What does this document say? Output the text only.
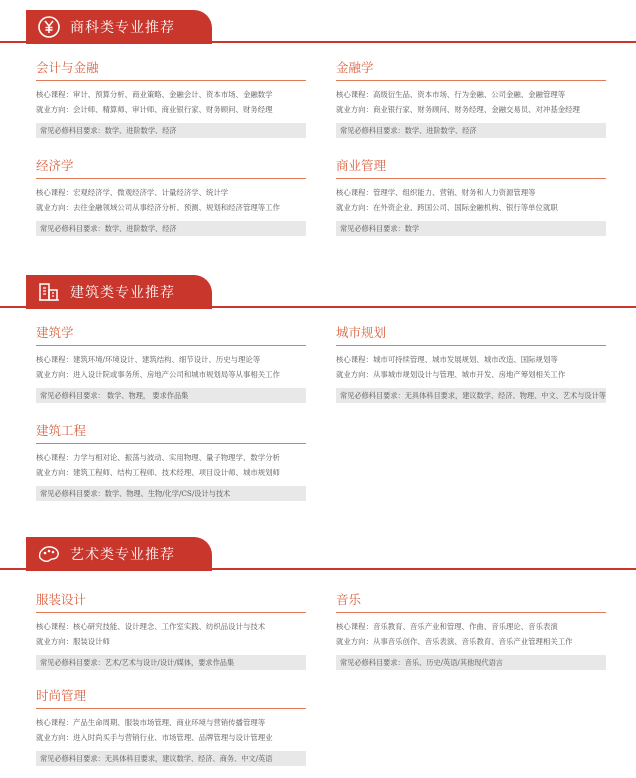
商科类专业推荐
会计与金融
核心课程：审计、预算分析、商业策略、金融会计、资本市场、金融数学
就业方向：会计师、精算师、审计师、商业银行家、财务顾问、财务经理
常见必修科目要求：数学、进阶数学、经济
金融学
核心课程：高级衍生品、资本市场、行为金融、公司金融、金融管理等
就业方向：商业银行家、财务顾问、财务经理、金融交易员、对冲基金经理
常见必修科目要求：数学、进阶数学、经济
经济学
核心课程：宏观经济学、微观经济学、计量经济学、统计学
就业方向：去往金融领域公司从事经济分析、预测、规划和经济管理等工作
常见必修科目要求：数学、进阶数学、经济
商业管理
核心课程：管理学、组织能力、营销、财务和人力资源管理等
就业方向：在外资企业、跨国公司、国际金融机构、银行等单位就职
常见必修科目要求：数学
建筑类专业推荐
建筑学
核心课程：建筑环境/环境设计、建筑结构、细节设计、历史与理论等
就业方向：进入设计院或事务所、房地产公司和城市规划局等从事相关工作
常见必修科目要求： 数学、物理， 要求作品集
城市规划
核心课程：城市可持续管理、城市发展规划、城市改造、国际规划等
就业方向：从事城市规划设计与管理、城市开发、房地产筹划相关工作
常见必修科目要求：无具体科目要求，建议数学、经济、物理、中文、艺术与设计等
建筑工程
核心课程：力学与相对论、振荡与波动、实用物理、量子物理学、数学分析
就业方向：建筑工程师、结构工程师、技术经理、项目设计师、城市规划师
常见必修科目要求：数学、物理、生物/化学/CS/设计与技术
艺术类专业推荐
服装设计
核心课程：核心研究技能、设计理念、工作室实践、纺织品设计与技术
就业方向：服装设计师
常见必修科目要求：艺术/艺术与设计/设计/媒体，要求作品集
音乐
核心课程：音乐教育、音乐产业和管理、作曲、音乐理论、音乐表演
就业方向：从事音乐创作、音乐表演、音乐教育、音乐产业管理相关工作
常见必修科目要求：音乐、历史/英语/其他现代语言
时尚管理
核心课程：产品生命周期、服装市场管理、商业环境与营销传播管理等
就业方向：进入时尚买手与营销行业、市场管理、品牌管理与设计管理业
常见必修科目要求：无具体科目要求，建议数学、经济、商务、中文/英语
